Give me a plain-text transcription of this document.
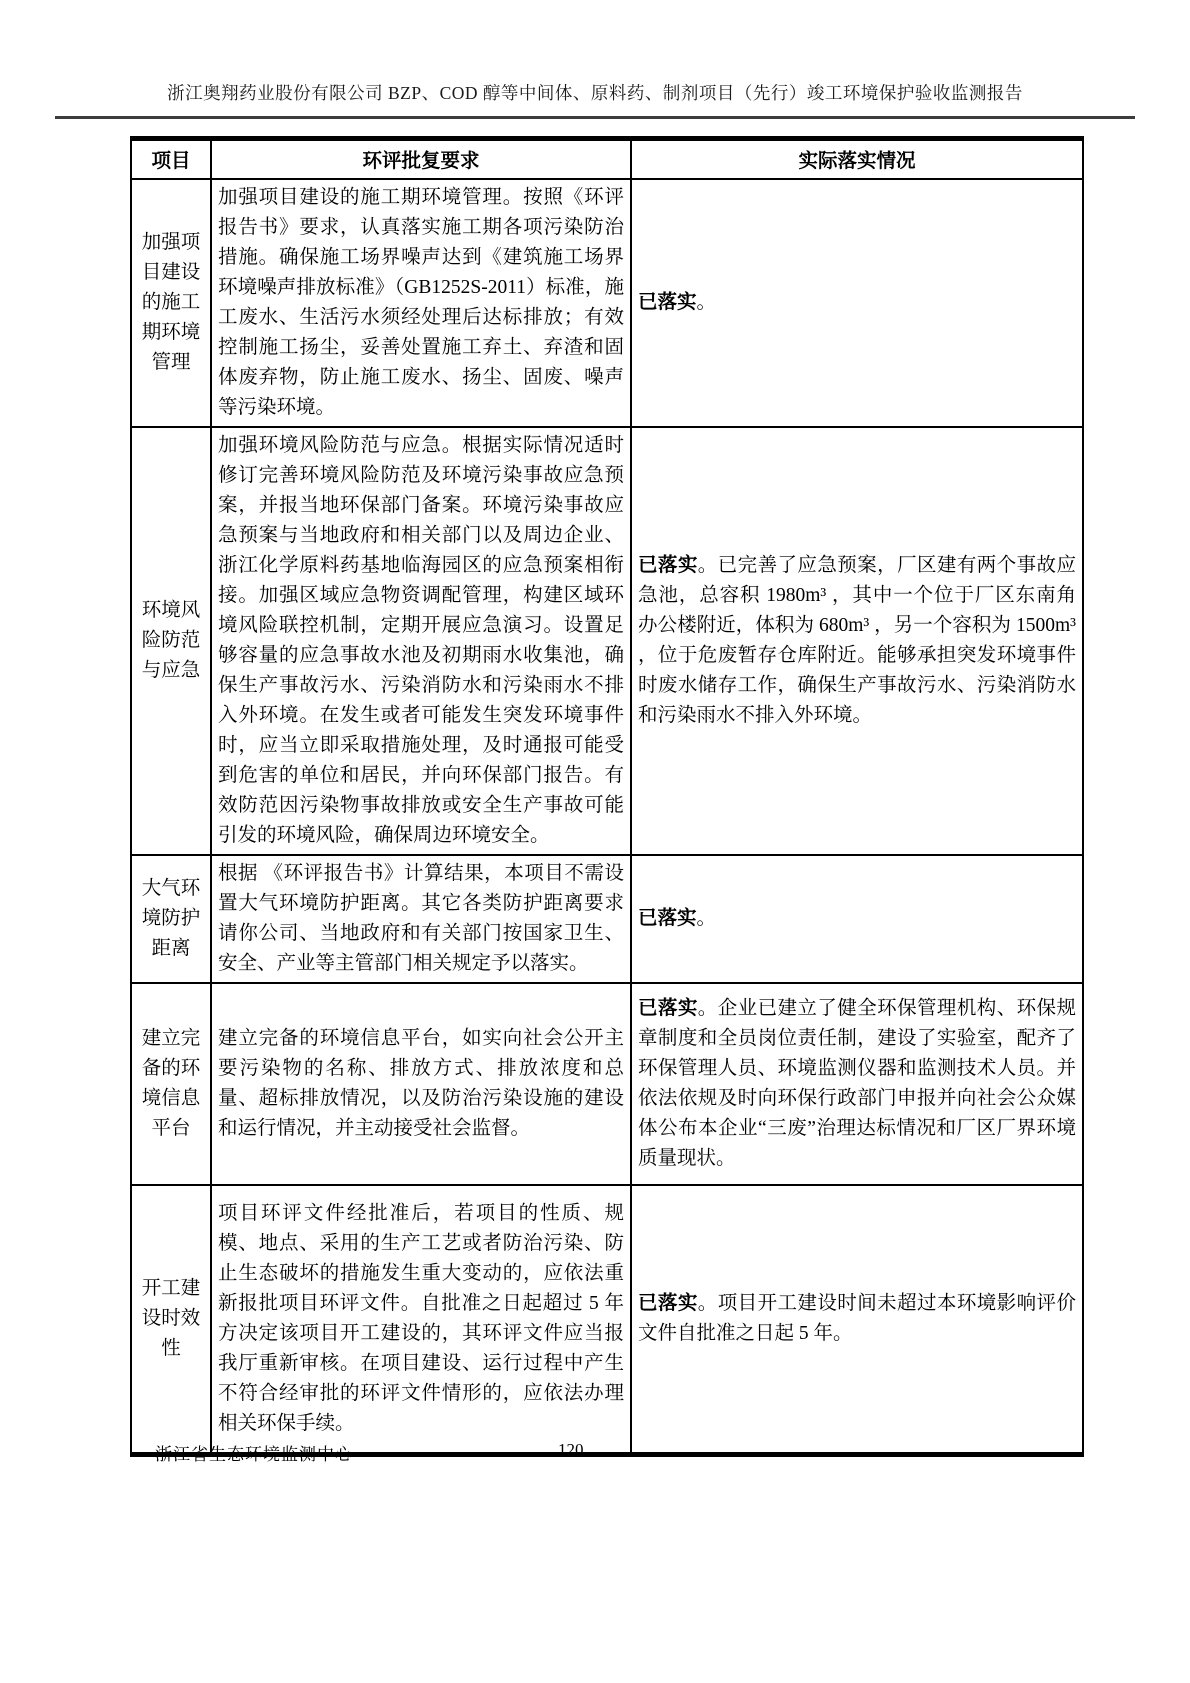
浙江奥翔药业股份有限公司 BZP、COD 醇等中间体、原料药、制剂项目（先行）竣工环境保护验收监测报告
项目	环评批复要求	实际落实情况
加强项目建设的施工期环境管理	加强项目建设的施工期环境管理。按照《环评报告书》要求，认真落实施工期各项污染防治措施。确保施工场界噪声达到《建筑施工场界环境噪声排放标准》（GB1252S-2011）标准，施工废水、生活污水须经处理后达标排放；有效控制施工扬尘，妥善处置施工弃土、弃渣和固体废弃物，防止施工废水、扬尘、固废、噪声等污染环境。	已落实。
环境风险防范与应急	加强环境风险防范与应急。根据实际情况适时修订完善环境风险防范及环境污染事故应急预案，并报当地环保部门备案。环境污染事故应急预案与当地政府和相关部门以及周边企业、浙江化学原料药基地临海园区的应急预案相衔接。加强区域应急物资调配管理，构建区域环境风险联控机制，定期开展应急演习。设置足够容量的应急事故水池及初期雨水收集池，确保生产事故污水、污染消防水和污染雨水不排入外环境。在发生或者可能发生突发环境事件时，应当立即采取措施处理，及时通报可能受到危害的单位和居民，并向环保部门报告。有效防范因污染物事故排放或安全生产事故可能引发的环境风险，确保周边环境安全。	已落实。已完善了应急预案，厂区建有两个事故应急池，总容积 1980m³ ，其中一个位于厂区东南角办公楼附近，体积为 680m³ ，另一个容积为 1500m³ ，位于危废暂存仓库附近。能够承担突发环境事件时废水储存工作，确保生产事故污水、污染消防水和污染雨水不排入外环境。
大气环境防护距离	根据 《环评报告书》计算结果，本项目不需设置大气环境防护距离。其它各类防护距离要求请你公司、当地政府和有关部门按国家卫生、安全、产业等主管部门相关规定予以落实。	已落实。
建立完备的环境信息平台	建立完备的环境信息平台，如实向社会公开主要污染物的名称、排放方式、排放浓度和总量、超标排放情况，以及防治污染设施的建设和运行情况，并主动接受社会监督。	已落实。企业已建立了健全环保管理机构、环保规章制度和全员岗位责任制，建设了实验室，配齐了环保管理人员、环境监测仪器和监测技术人员。并依法依规及时向环保行政部门申报并向社会公众媒体公布本企业“三废”治理达标情况和厂区厂界环境质量现状。
开工建设时效性	项目环评文件经批准后，若项目的性质、规模、地点、采用的生产工艺或者防治污染、防止生态破坏的措施发生重大变动的，应依法重新报批项目环评文件。自批准之日起超过 5 年方决定该项目开工建设的，其环评文件应当报我厅重新审核。在项目建设、运行过程中产生不符合经审批的环评文件情形的，应依法办理相关环保手续。	已落实。项目开工建设时间未超过本环境影响评价文件自批准之日起 5 年。
浙江省生态环境监测中心	120
